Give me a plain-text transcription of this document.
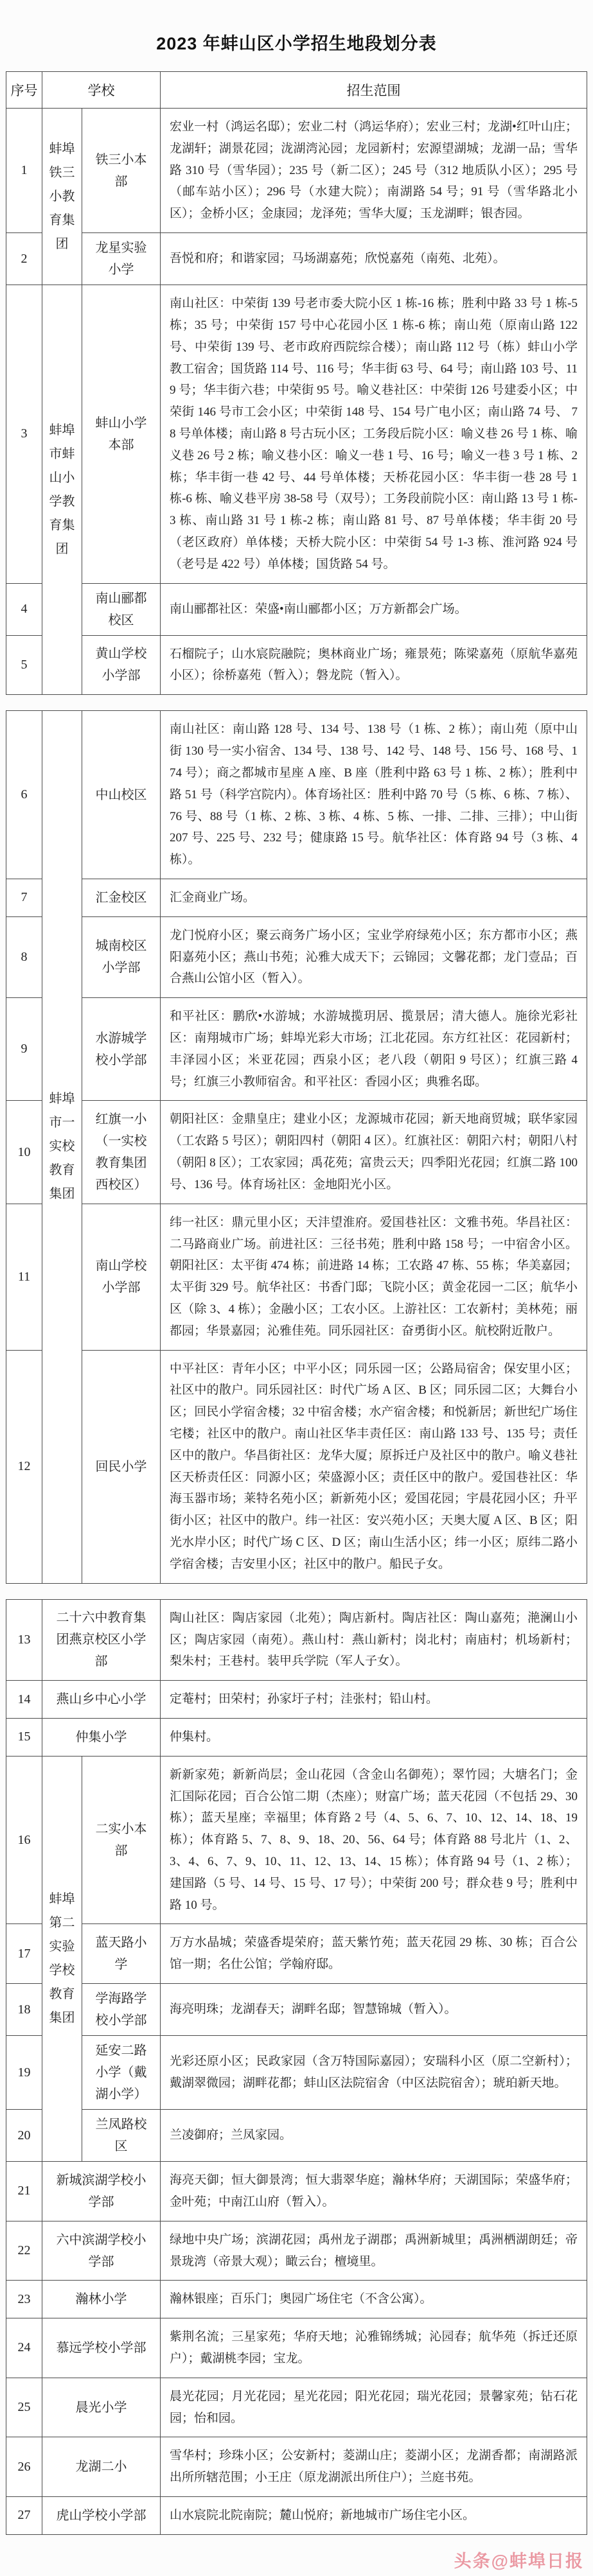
2023 年蚌山区小学招生地段划分表
序号	学校		招生范围
1	蚌埠铁三小教育集团	铁三小本部	宏业一村（鸿运名邸）；宏业二村（鸿运华府）；宏业三村；龙湖•红叶山庄；龙湖轩；湖景花园；泷湖湾沁园；龙园新村；宏源望湖城；龙湖一品；雪华路 310 号（雪华园）；235 号（新二区）；245 号（312 地质队小区）；295 号（邮车站小区）；296 号（水建大院）；南湖路 54 号；91 号（雪华路北小区）；金桥小区；金康园；龙泽苑；雪华大厦；玉龙湖畔；银杏园。
2		龙星实验小学	吾悦和府；和谐家园；马场湖嘉苑；欣悦嘉苑（南苑、北苑）。
3	蚌埠市蚌山小学教育集团	蚌山小学本部	南山社区：中荣街 139 号老市委大院小区 1 栋-16 栋；胜利中路 33 号 1 栋-5 栋；35 号；中荣街 157 号中心花园小区 1 栋-6 栋；南山苑（原南山路 122 号、中荣街 139 号、老市政府西院综合楼）；南山路 112 号（栋）蚌山小学教工宿舍；国货路 114 号、116 号；华丰街 63 号、64 号；南山路 103 号、119 号；华丰街六巷；中荣街 95 号。喻义巷社区：中荣街 126 号建委小区；中荣街 146 号市工会小区；中荣街 148 号、154 号广电小区；南山路 74 号、 78 号单体楼；南山路 8 号古玩小区；工务段后院小区：喻义巷 26 号 1 栋、喻义巷 26 号 2 栋；喻义巷小区：喻义一巷 1 号、16 号；喻义一巷 3 号 1 栋、2 栋；华丰街一巷 42 号、44 号单体楼；天桥花园小区：华丰街一巷 28 号 1 栋-6 栋、喻义巷平房 38-58 号（双号）；工务段前院小区：南山路 13 号 1 栋-3 栋、南山路 31 号 1 栋-2 栋；南山路 81 号、87 号单体楼；华丰街 20 号（老区政府）单体楼；天桥大院小区：中荣街 54 号 1-3 栋、淮河路 924 号（老号是 422 号）单体楼；国货路 54 号。
4		南山郦都校区	南山郦都社区：荣盛•南山郦都小区；万方新都会广场。
5		黄山学校小学部	石榴院子；山水宸院融院；奥林商业广场；雍景苑；陈梁嘉苑（原航华嘉苑小区）；徐桥嘉苑（暂入）；磐龙院（暂入）。
6	蚌埠市一实校教育集团	中山校区	南山社区：南山路 128 号、134 号、138 号（1 栋、2 栋）；南山苑（原中山街 130 号一实小宿舍、134 号、138 号、142 号、148 号、156 号、168 号、174 号）；商之都城市星座 A 座、B 座（胜利中路 63 号 1 栋、2 栋）；胜利中路 51 号（科学宫院内）。体育场社区：胜利中路 70 号（5 栋、6 栋、7 栋）、76 号、88 号（1 栋、2 栋、3 栋、4 栋、5 栋、一排、二排、三排）；中山街 207 号、225 号、232 号；健康路 15 号。航华社区：体育路 94 号（3 栋、4 栋）。
7		汇金校区	汇金商业广场。
8		城南校区小学部	龙门悦府小区；聚云商务广场小区；宝业学府绿苑小区；东方都市小区；燕阳嘉苑小区；燕山书苑；沁雅大成天下；云锦园；文馨花都；龙门壹品；百合燕山公馆小区（暂入）。
9		水游城学校小学部	和平社区：鹏欣•水游城；水游城揽玥居、揽景居；清大德人。施徐光彩社区：南翔城市广场；蚌埠光彩大市场；江北花园。东方红社区：花园新村；丰泽园小区；米亚花园；西泉小区；老八段（朝阳 9 号区）；红旗三路 4 号；红旗三小教师宿舍。和平社区：香园小区；典雅名邸。
10		红旗一小（一实校教育集团西校区）	朝阳社区：金鼎皇庄；建业小区；龙源城市花园；新天地商贸城；联华家园（工农路 5 号区）；朝阳四村（朝阳 4 区）。红旗社区：朝阳六村；朝阳八村（朝阳 8 区）；工农家园；禹花苑；富贵云天；四季阳光花园；红旗二路 100 号、136 号。体育场社区：金地阳光小区。
11		南山学校小学部	纬一社区：鼎元里小区；天沣望淮府。爱国巷社区：文雅书苑。华昌社区：二马路商业广场。前进社区：三径书苑；胜利中路 158 号；一中宿舍小区。朝阳社区：太平街 474 栋；前进路 14 栋；工农路 47 栋、55 栋；华美嘉园；太平街 329 号。航华社区：书香门邸；飞院小区；黄金花园一二区；航华小区（除 3、4 栋）；金融小区；工农小区。上游社区：工农新村；美林苑；丽都园；华景嘉园；沁雅佳苑。同乐园社区：奋勇街小区。航校附近散户。
12		回民小学	中平社区：青年小区；中平小区；同乐园一区；公路局宿舍；保安里小区；社区中的散户。同乐园社区：时代广场 A 区、B 区；同乐园二区；大舞台小区；回民小学宿舍楼；32 中宿舍楼；水产宿舍楼；和悦新居；新世纪广场住宅楼；社区中的散户。南山社区华丰责任区：南山路 133 号、135 号；责任区中的散户。华昌街社区：龙华大厦；原拆迁户及社区中的散户。喻义巷社区天桥责任区：同源小区；荣盛源小区；责任区中的散户。爱国巷社区：华海玉器市场；莱特名苑小区；新新苑小区；爱国花园；宇晨花园小区；升平街小区；社区中的散户。纬一社区：安兴苑小区；天奥大厦 A 区、B 区；阳光水岸小区；时代广场 C 区、D 区；南山生活小区；纬一小区；原纬二路小学宿舍楼；吉安里小区；社区中的散户。船民子女。
13	二十六中教育集团燕京校区小学部		陶山社区：陶店家园（北苑）；陶店新村。陶店社区：陶山嘉苑；滟澜山小区；陶店家园（南苑）。燕山村：燕山新村；岗北村；南庙村；机场新村；梨朱村；王巷村。装甲兵学院（军人子女）。
14	燕山乡中心小学		定菴村；田荣村；孙家圩子村；洼张村；铅山村。
15	仲集小学		仲集村。
16	蚌埠第二实验学校教育集团	二实小本部	新新家苑；新新尚层；金山花园（含金山名御苑）；翠竹园；大塘名门；金汇国际花园；百合公馆二期（杰座）；财富广场；蓝天花园（不包括 29、30 栋）；蓝天星座；幸福里；体育路 2 号（4、5、6、7、10、12、14、18、19 栋）；体育路 5、7、8、9、18、20、56、64 号；体育路 88 号北片（1、2、3、4、6、7、9、10、11、12、13、14、15 栋）；体育路 94 号（1、2 栋）；建国路（5 号、14 号、15 号、17 号）；中荣街 200 号；群众巷 9 号；胜利中路 10 号。
17		蓝天路小学	万方水晶城；荣盛香堤荣府；蓝天紫竹苑；蓝天花园 29 栋、30 栋；百合公馆一期；名仕公馆；学翰府邸。
18		学海路学校小学部	海亮明珠；龙湖春天；湖畔名邸；智慧锦城（暂入）。
19		延安二路小学（戴湖小学）	光彩还原小区；民政家园（含万特国际嘉园）；安瑞科小区（原二空新村）；戴湖翠微园；湖畔花都；蚌山区法院宿舍（中区法院宿舍）；琥珀新天地。
20		兰凤路校区	兰凌御府；兰凤家园。
21	新城滨湖学校小学部		海亮天御；恒大御景湾；恒大翡翠华庭；瀚林华府；天湖国际；荣盛华府；金叶苑；中南江山府（暂入）。
22	六中滨湖学校小学部		绿地中央广场；滨湖花园；禹州龙子湖郡；禹洲新城里；禹洲栖湖朗廷；帝景珑湾（帝景大观）；瞰云台；檀境里。
23	瀚林小学		瀚林银座；百乐门；奥园广场住宅（不含公寓）。
24	慕远学校小学部		紫荆名流；三星家苑；华府天地；沁雅锦绣城；沁园春；航华苑（拆迁还原户）；戴湖桃李园；宝龙。
25	晨光小学		晨光花园；月光花园；星光花园；阳光花园；瑞光花园；景馨家苑；钻石花园；怡和园。
26	龙湖二小		雪华村；珍珠小区；公安新村；菱湖山庄；菱湖小区；龙湖香都；南湖路派出所所辖范围；小王庄（原龙湖派出所住户）；兰庭书苑。
27	虎山学校小学部		山水宸院北院南院；麓山悦府；新地城市广场住宅小区。
头条@蚌埠日报
